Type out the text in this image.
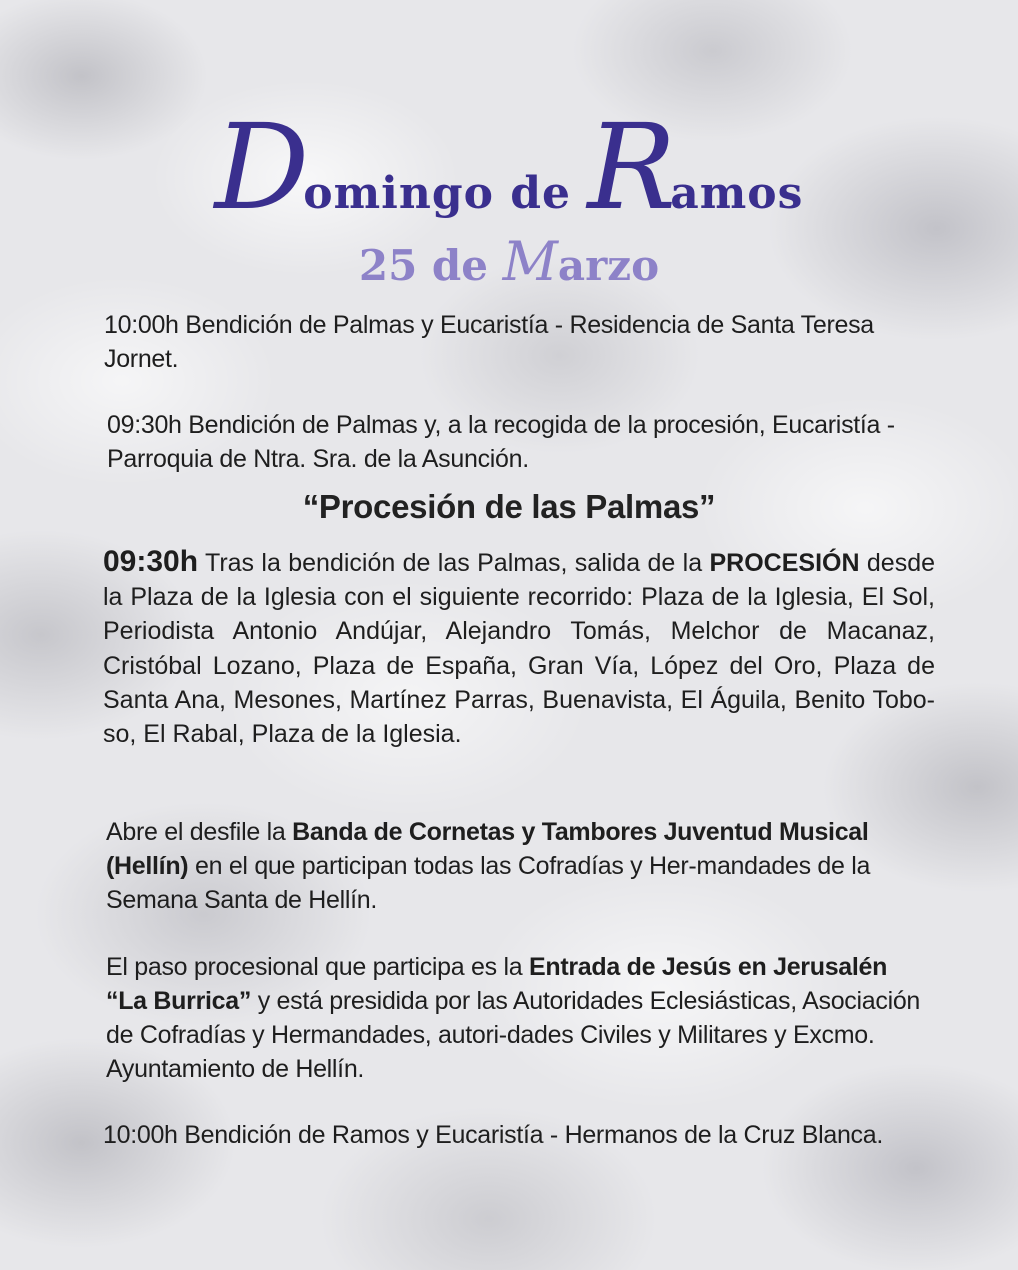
Domingo de Ramos
25 de Marzo

10:00h Bendición de Palmas y Eucaristía - Residencia de Santa Teresa Jornet.

09:30h Bendición de Palmas y, a la recogida de la procesión, Eucaristía - Parroquia de Ntra. Sra. de la Asunción.

“Procesión de las Palmas”

09:30h Tras la bendición de las Palmas, salida de la PROCESIÓN desde la Plaza de la Iglesia con el siguiente recorrido: Plaza de la Iglesia, El Sol, Periodista Antonio Andújar, Alejandro Tomás, Melchor de Macanaz, Cristóbal Lozano, Plaza de España, Gran Vía, López del Oro, Plaza de Santa Ana, Mesones, Martínez Parras, Buenavista, El Águila, Benito Tobo-so, El Rabal, Plaza de la Iglesia.

Abre el desfile la Banda de Cornetas y Tambores Juventud Musical (Hellín) en el que participan todas las Cofradías y Her-mandades de la Semana Santa de Hellín.

El paso procesional que participa es la Entrada de Jesús en Jerusalén “La Burrica” y está presidida por las Autoridades Eclesiásticas, Asociación de Cofradías y Hermandades, autori-dades Civiles y Militares y Excmo. Ayuntamiento de Hellín.

10:00h Bendición de Ramos y Eucaristía - Hermanos de la Cruz Blanca.
